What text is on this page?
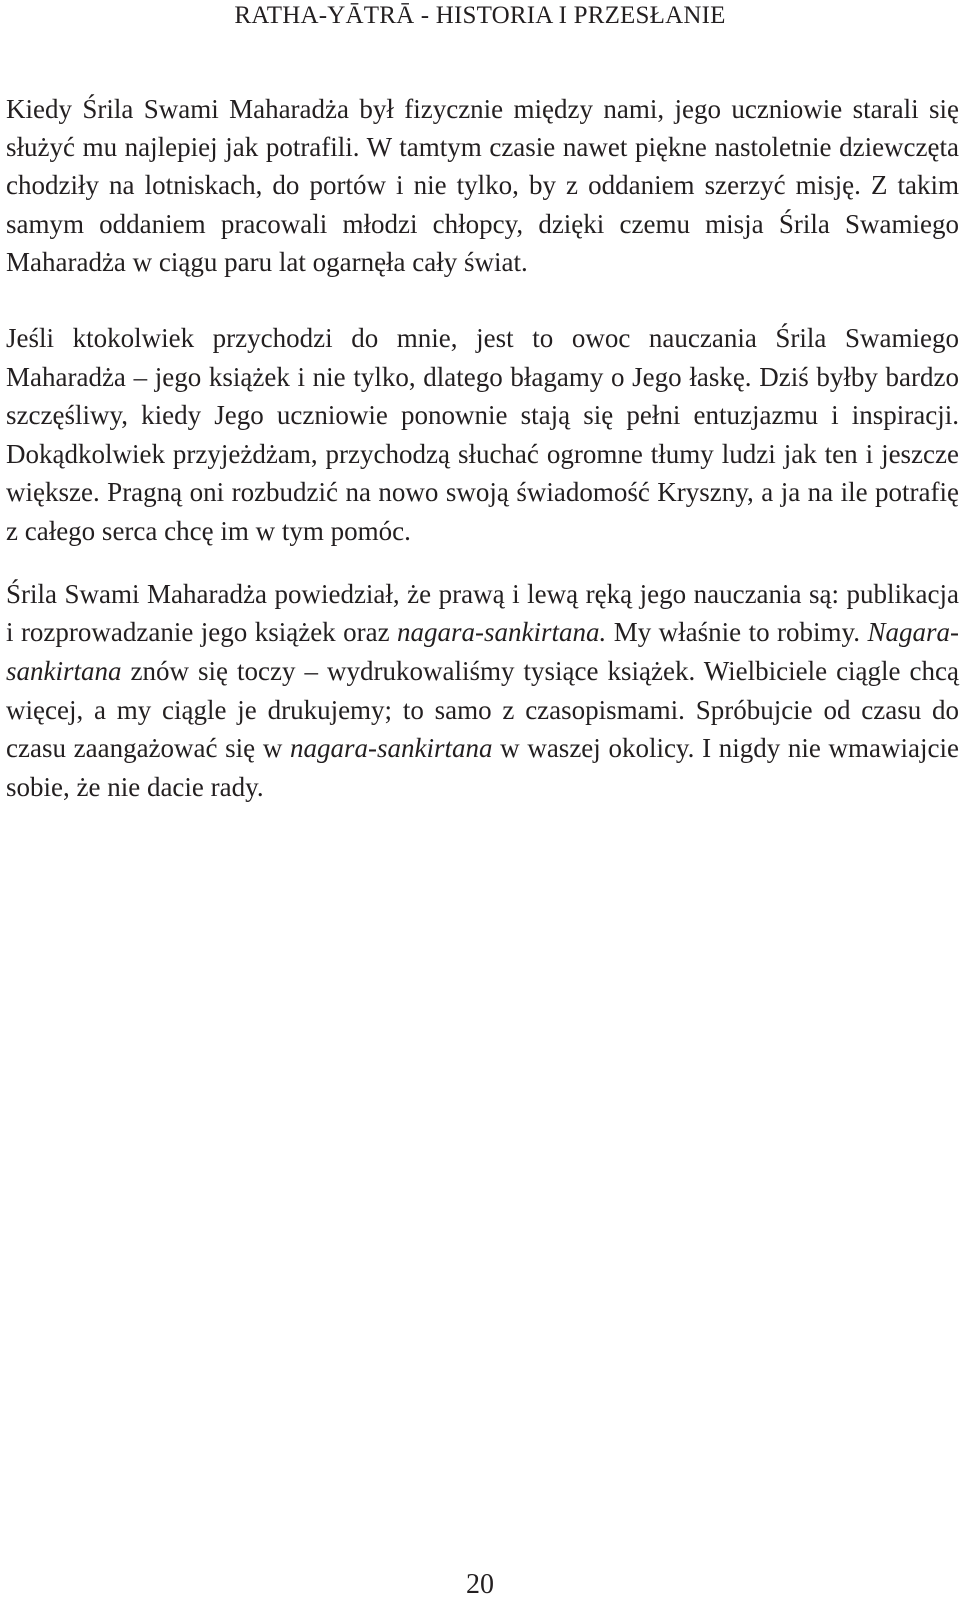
RATHA-YĀTRĀ - HISTORIA I PRZESŁANIE

Kiedy Śrila Swami Maharadża był fizycznie między nami, jego uczniowie starali się służyć mu najlepiej jak potrafili. W tamtym czasie nawet piękne nastoletnie dziewczęta chodziły na lotniskach, do portów i nie tylko, by z oddaniem szerzyć misję. Z takim samym oddaniem pracowali młodzi chłopcy, dzięki czemu misja Śrila Swamiego Maharadża w ciągu paru lat ogarnęła cały świat.

Jeśli ktokolwiek przychodzi do mnie, jest to owoc nauczania Śrila Swamiego Maharadża – jego książek i nie tylko, dlatego błagamy o Jego łaskę. Dziś byłby bardzo szczęśliwy, kiedy Jego uczniowie ponownie stają się pełni entuzjazmu i inspiracji. Dokądkolwiek przyjeżdżam, przychodzą słuchać ogromne tłumy ludzi jak ten i jeszcze większe. Pragną oni rozbudzić na nowo swoją świadomość Kryszny, a ja na ile potrafię z całego serca chcę im w tym pomóc.

Śrila Swami Maharadża powiedział, że prawą i lewą ręką jego nauczania są: publikacja i rozprowadzanie jego książek oraz nagara-sankirtana. My właśnie to robimy. Nagara-sankirtana znów się toczy – wydrukowaliśmy tysiące książek. Wielbiciele ciągle chcą więcej, a my ciągle je drukujemy; to samo z czasopismami. Spróbujcie od czasu do czasu zaangażować się w nagara-sankirtana w waszej okolicy. I nigdy nie wmawiajcie sobie, że nie dacie rady.

20
